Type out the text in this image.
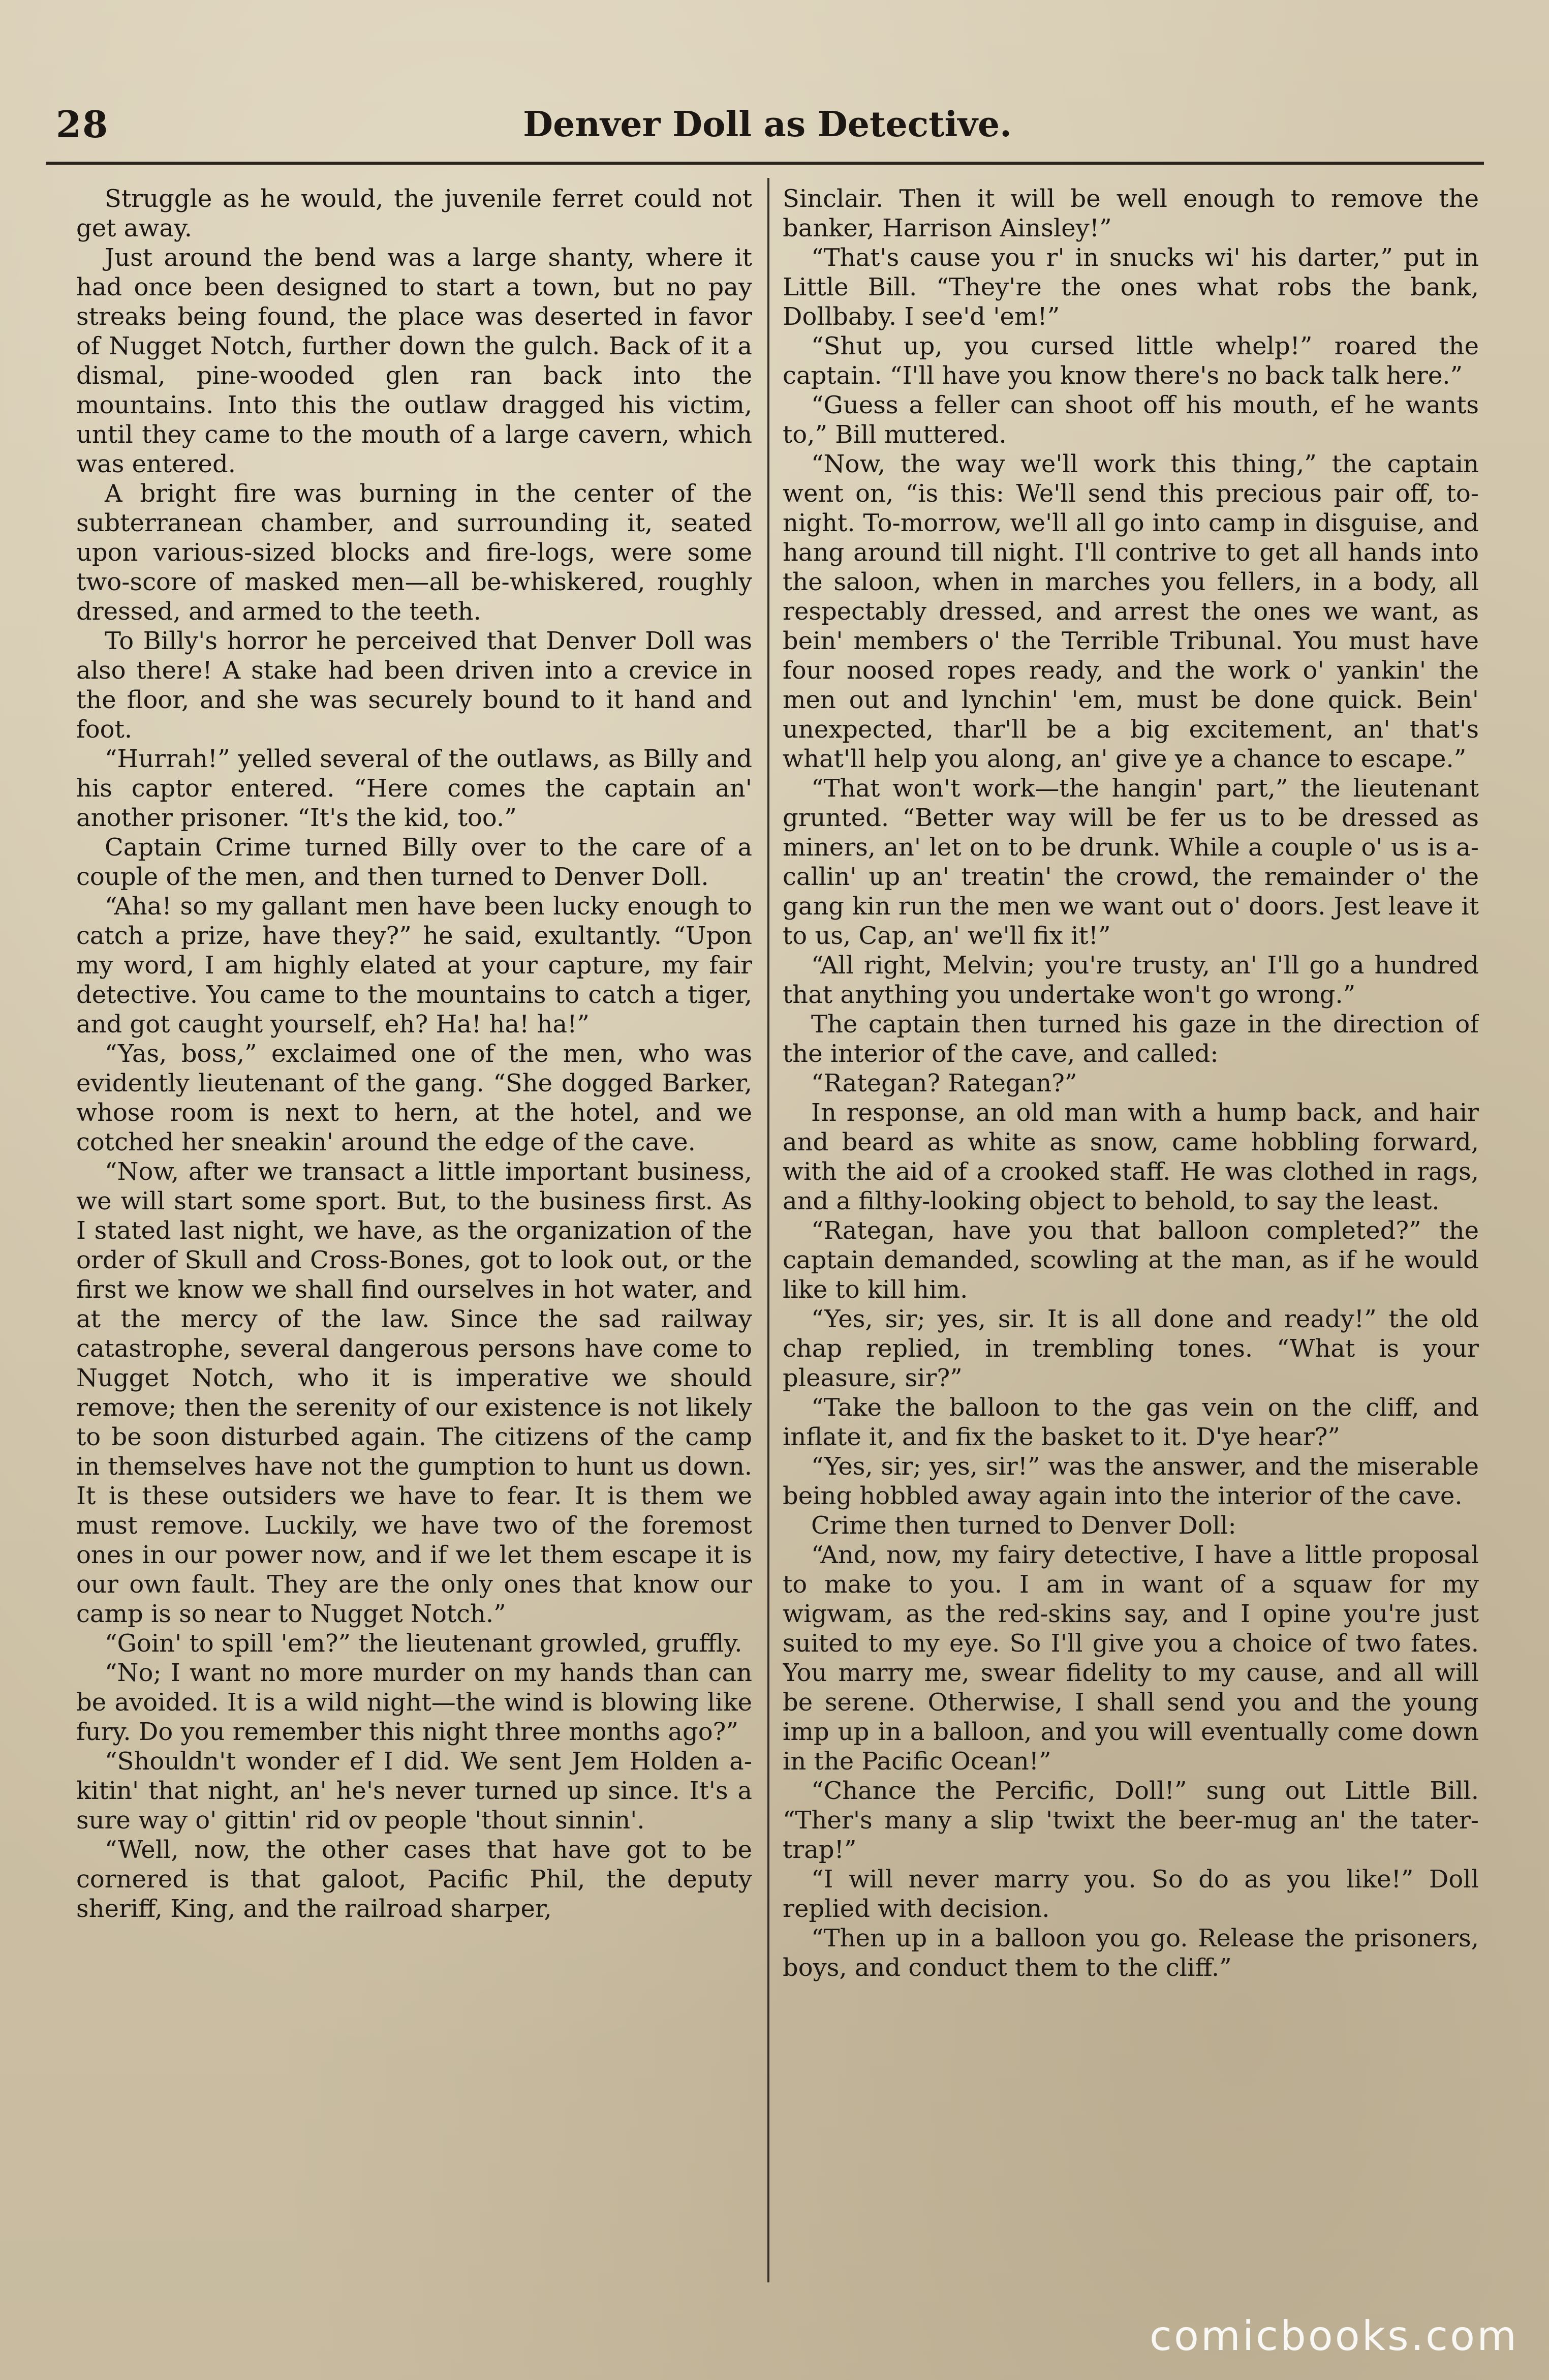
28	Denver Doll as Detective.

Struggle as he would, the juvenile ferret could not get away.

Just around the bend was a large shanty, where it had once been designed to start a town, but no pay streaks being found, the place was deserted in favor of Nugget Notch, further down the gulch. Back of it a dismal, pine-wooded glen ran back into the mountains. Into this the outlaw dragged his victim, until they came to the mouth of a large cavern, which was entered.

A bright fire was burning in the center of the subterranean chamber, and surrounding it, seated upon various-sized blocks and fire-logs, were some two-score of masked men—all be-whiskered, roughly dressed, and armed to the teeth.

To Billy's horror he perceived that Denver Doll was also there! A stake had been driven into a crevice in the floor, and she was securely bound to it hand and foot.

“Hurrah!” yelled several of the outlaws, as Billy and his captor entered. “Here comes the captain an' another prisoner. “It's the kid, too.”

Captain Crime turned Billy over to the care of a couple of the men, and then turned to Denver Doll.

“Aha! so my gallant men have been lucky enough to catch a prize, have they?” he said, exultantly. “Upon my word, I am highly elated at your capture, my fair detective. You came to the mountains to catch a tiger, and got caught yourself, eh? Ha! ha! ha!”

“Yas, boss,” exclaimed one of the men, who was evidently lieutenant of the gang. “She dogged Barker, whose room is next to hern, at the hotel, and we cotched her sneakin' around the edge of the cave.

“Now, after we transact a little important business, we will start some sport. But, to the business first. As I stated last night, we have, as the organization of the order of Skull and Cross-Bones, got to look out, or the first we know we shall find ourselves in hot water, and at the mercy of the law. Since the sad railway catastrophe, several dangerous persons have come to Nugget Notch, who it is imperative we should remove; then the serenity of our existence is not likely to be soon disturbed again. The citizens of the camp in themselves have not the gumption to hunt us down. It is these outsiders we have to fear. It is them we must remove. Luckily, we have two of the foremost ones in our power now, and if we let them escape it is our own fault. They are the only ones that know our camp is so near to Nugget Notch.”

“Goin' to spill 'em?” the lieutenant growled, gruffly.

“No; I want no more murder on my hands than can be avoided. It is a wild night—the wind is blowing like fury. Do you remember this night three months ago?”

“Shouldn't wonder ef I did. We sent Jem Holden a-kitin' that night, an' he's never turned up since. It's a sure way o' gittin' rid ov people 'thout sinnin'.

“Well, now, the other cases that have got to be cornered is that galoot, Pacific Phil, the deputy sheriff, King, and the railroad sharper,

Sinclair. Then it will be well enough to remove the banker, Harrison Ainsley!”

“That's cause you r' in snucks wi' his darter,” put in Little Bill. “They're the ones what robs the bank, Dollbaby. I see'd 'em!”

“Shut up, you cursed little whelp!” roared the captain. “I'll have you know there's no back talk here.”

“Guess a feller can shoot off his mouth, ef he wants to,” Bill muttered.

“Now, the way we'll work this thing,” the captain went on, “is this: We'll send this precious pair off, to-night. To-morrow, we'll all go into camp in disguise, and hang around till night. I'll contrive to get all hands into the saloon, when in marches you fellers, in a body, all respectably dressed, and arrest the ones we want, as bein' members o' the Terrible Tribunal. You must have four noosed ropes ready, and the work o' yankin' the men out and lynchin' 'em, must be done quick. Bein' unexpected, thar'll be a big excitement, an' that's what'll help you along, an' give ye a chance to escape.”

“That won't work—the hangin' part,” the lieutenant grunted. “Better way will be fer us to be dressed as miners, an' let on to be drunk. While a couple o' us is a-callin' up an' treatin' the crowd, the remainder o' the gang kin run the men we want out o' doors. Jest leave it to us, Cap, an' we'll fix it!”

“All right, Melvin; you're trusty, an' I'll go a hundred that anything you undertake won't go wrong.”

The captain then turned his gaze in the direction of the interior of the cave, and called:

“Rategan? Rategan?”

In response, an old man with a hump back, and hair and beard as white as snow, came hobbling forward, with the aid of a crooked staff. He was clothed in rags, and a filthy-looking object to behold, to say the least.

“Rategan, have you that balloon completed?” the captain demanded, scowling at the man, as if he would like to kill him.

“Yes, sir; yes, sir. It is all done and ready!” the old chap replied, in trembling tones. “What is your pleasure, sir?”

“Take the balloon to the gas vein on the cliff, and inflate it, and fix the basket to it. D'ye hear?”

“Yes, sir; yes, sir!” was the answer, and the miserable being hobbled away again into the interior of the cave.

Crime then turned to Denver Doll:

“And, now, my fairy detective, I have a little proposal to make to you. I am in want of a squaw for my wigwam, as the red-skins say, and I opine you're just suited to my eye. So I'll give you a choice of two fates. You marry me, swear fidelity to my cause, and all will be serene. Otherwise, I shall send you and the young imp up in a balloon, and you will eventually come down in the Pacific Ocean!”

“Chance the Percific, Doll!” sung out Little Bill. “Ther's many a slip 'twixt the beer-mug an' the tater-trap!”

“I will never marry you. So do as you like!” Doll replied with decision.

“Then up in a balloon you go. Release the prisoners, boys, and conduct them to the cliff.”

comicbooks.com
